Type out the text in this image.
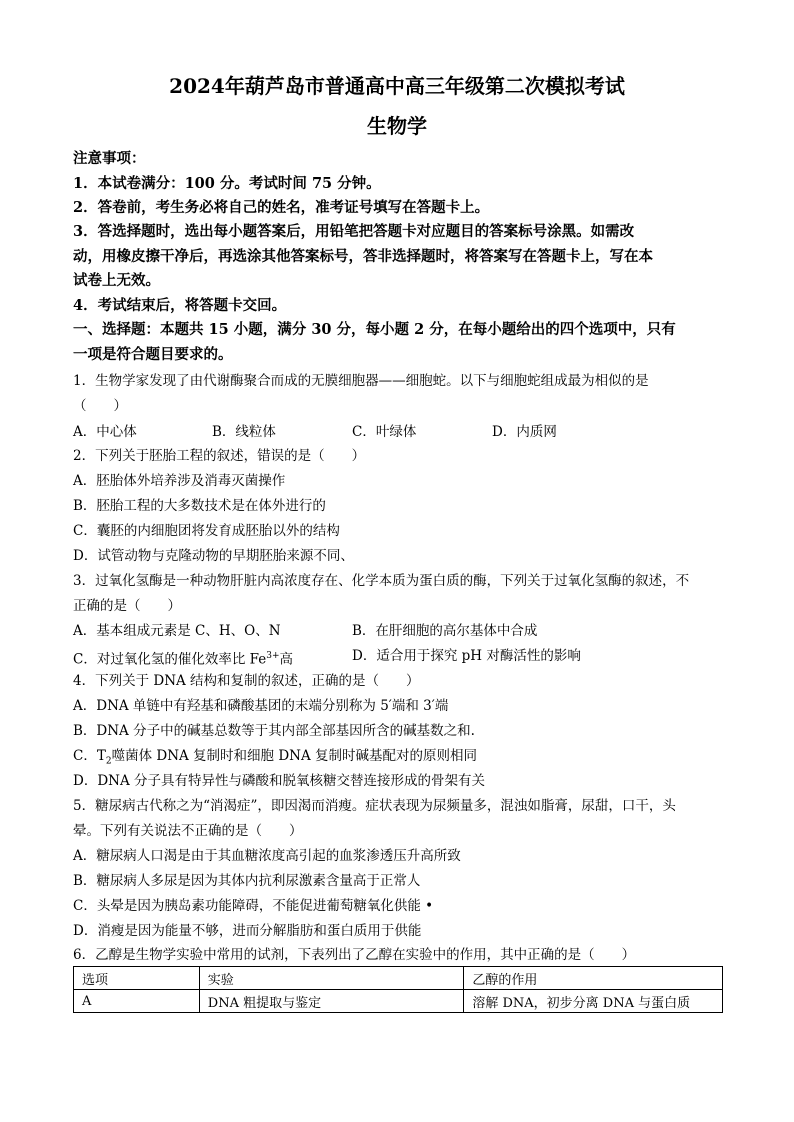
2024年葫芦岛市普通高中高三年级第二次模拟考试
生物学
注意事项：
1．本试卷满分：100 分。考试时间 75 分钟。
2．答卷前，考生务必将自己的姓名，准考证号填写在答题卡上。
3．答选择题时，选出每小题答案后，用铅笔把答题卡对应题目的答案标号涂黑。如需改
动，用橡皮擦干净后，再选涂其他答案标号，答非选择题时，将答案写在答题卡上，写在本
试卷上无效。
4．考试结束后，将答题卡交回。
一、选择题：本题共 15 小题，满分 30 分，每小题 2 分，在每小题给出的四个选项中，只有
一项是符合题目要求的。
1．生物学家发现了由代谢酶聚合而成的无膜细胞器——细胞蛇。以下与细胞蛇组成最为相似的是
（　　）
A．中心体	B．线粒体	C．叶绿体	D．内质网
2．下列关于胚胎工程的叙述，错误的是（　　）
A．胚胎体外培养涉及消毒灭菌操作
B．胚胎工程的大多数技术是在体外进行的
C．囊胚的内细胞团将发育成胚胎以外的结构
D．试管动物与克隆动物的早期胚胎来源不同、
3．过氧化氢酶是一种动物肝脏内高浓度存在、化学本质为蛋白质的酶，下列关于过氧化氢酶的叙述，不
正确的是（　　）
A．基本组成元素是 C、H、O、N	B．在肝细胞的高尔基体中合成
C．对过氧化氢的催化效率比 $Fe^{3+}$高	D．适合用于探究 pH 对酶活性的影响
4．下列关于 DNA 结构和复制的叙述，正确的是（　　）
A．DNA 单链中有羟基和磷酸基团的末端分别称为 5′端和 3′端
B．DNA 分子中的碱基总数等于其内部全部基因所含的碱基数之和.
C．$T_2$噬菌体 DNA 复制时和细胞 DNA 复制时碱基配对的原则相同
D．DNA 分子具有特异性与磷酸和脱氧核糖交替连接形成的骨架有关
5．糖尿病古代称之为“消渴症”，即因渴而消瘦。症状表现为尿频量多，混浊如脂膏，尿甜，口干，头
晕。下列有关说法不正确的是（　　）
A．糖尿病人口渴是由于其血糖浓度高引起的血浆渗透压升高所致
B．糖尿病人多尿是因为其体内抗利尿激素含量高于正常人
C．头晕是因为胰岛素功能障碍，不能促进葡萄糖氧化供能 •
D．消瘦是因为能量不够，进而分解脂肪和蛋白质用于供能
6．乙醇是生物学实验中常用的试剂，下表列出了乙醇在实验中的作用，其中正确的是（　　）
选项	实验	乙醇的作用
A	DNA 粗提取与鉴定	溶解 DNA，初步分离 DNA 与蛋白质
